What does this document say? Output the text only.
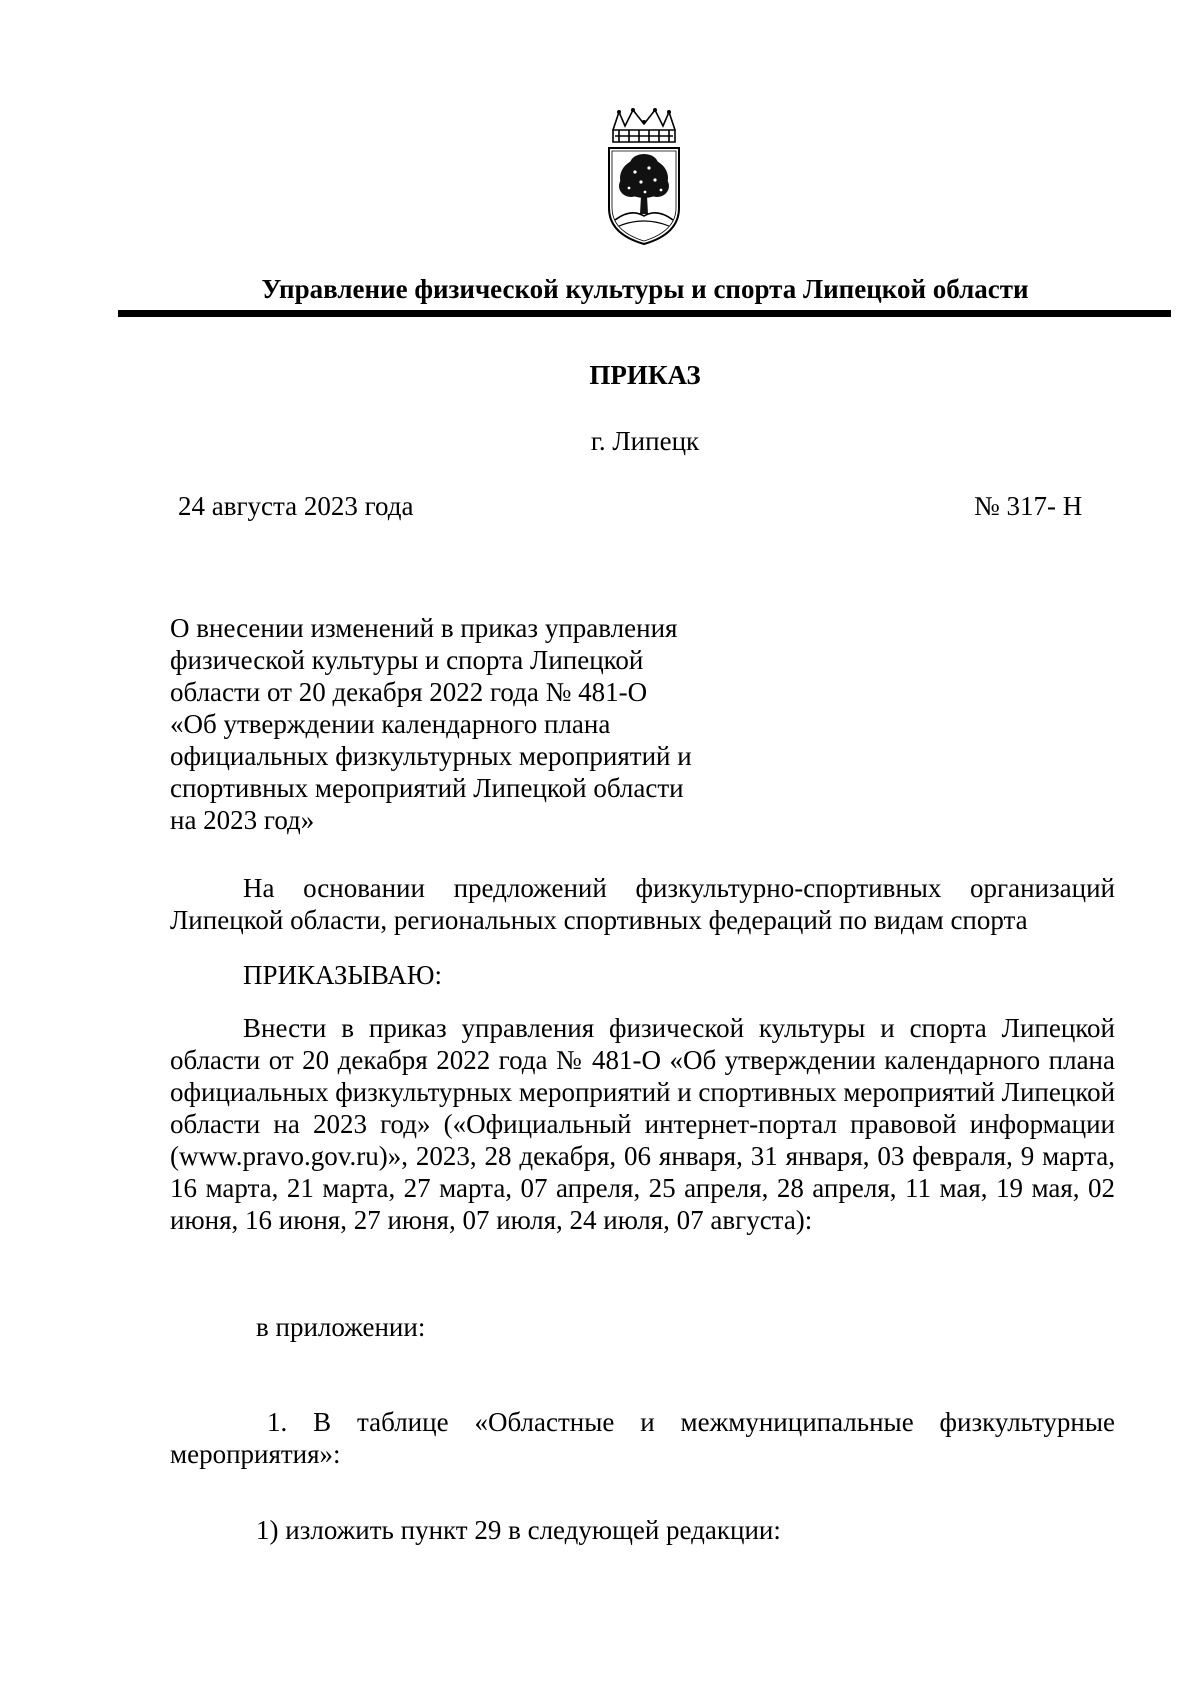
Управление физической культуры и спорта Липецкой области
ПРИКАЗ
г. Липецк
24 августа 2023 года	№ 317- Н
О внесении изменений в приказ управления
физической культуры и спорта Липецкой
области от 20 декабря 2022 года № 481-О
«Об утверждении календарного плана
официальных физкультурных мероприятий и
спортивных мероприятий Липецкой области
на 2023 год»
На основании предложений физкультурно-спортивных организаций Липецкой области, региональных спортивных федераций по видам спорта
ПРИКАЗЫВАЮ:
Внести в приказ управления физической культуры и спорта Липецкой области от 20 декабря 2022 года № 481-О «Об утверждении календарного плана официальных физкультурных мероприятий и спортивных мероприятий Липецкой области на 2023 год» («Официальный интернет-портал правовой информации (www.pravo.gov.ru)», 2023, 28 декабря, 06 января, 31 января, 03 февраля, 9 марта, 16 марта, 21 марта, 27 марта, 07 апреля, 25 апреля, 28 апреля, 11 мая, 19 мая, 02 июня, 16 июня, 27 июня, 07 июля, 24 июля, 07 августа):
в приложении:
1. В таблице «Областные и межмуниципальные физкультурные мероприятия»:
1) изложить пункт 29 в следующей редакции:
